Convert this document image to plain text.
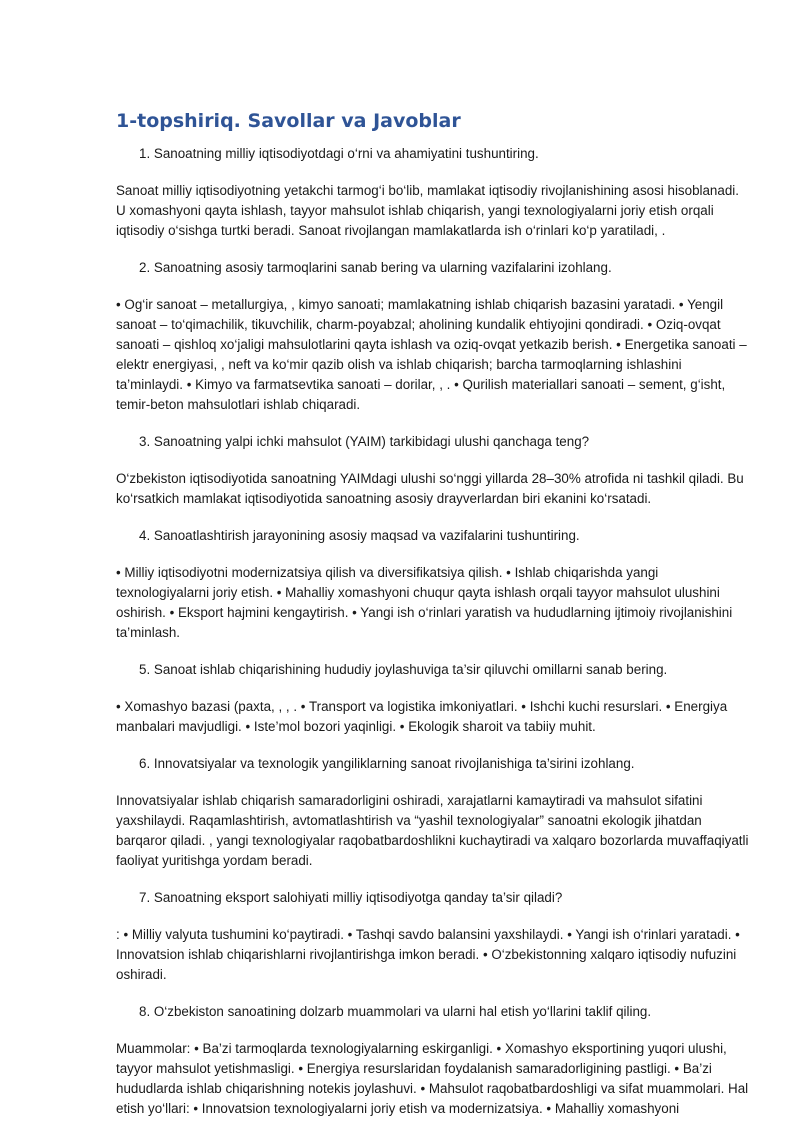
1-topshiriq. Savollar va Javoblar

1. Sanoatning milliy iqtisodiyotdagi o‘rni va ahamiyatini tushuntiring.

Sanoat milliy iqtisodiyotning yetakchi tarmog‘i bo‘lib, mamlakat iqtisodiy rivojlanishining asosi hisoblanadi. U xomashyoni qayta ishlash, tayyor mahsulot ishlab chiqarish, yangi texnologiyalarni joriy etish orqali iqtisodiy o‘sishga turtki beradi. Sanoat rivojlangan mamlakatlarda ish o‘rinlari ko‘p yaratiladi, .

2. Sanoatning asosiy tarmoqlarini sanab bering va ularning vazifalarini izohlang.

• Og‘ir sanoat – metallurgiya, , kimyo sanoati; mamlakatning ishlab chiqarish bazasini yaratadi. • Yengil sanoat – to‘qimachilik, tikuvchilik, charm-poyabzal; aholining kundalik ehtiyojini qondiradi. • Oziq-ovqat sanoati – qishloq xo‘jaligi mahsulotlarini qayta ishlash va oziq-ovqat yetkazib berish. • Energetika sanoati – elektr energiyasi, , neft va ko‘mir qazib olish va ishlab chiqarish; barcha tarmoqlarning ishlashini ta’minlaydi. • Kimyo va farmatsevtika sanoati – dorilar, , . • Qurilish materiallari sanoati – sement, g‘isht, temir-beton mahsulotlari ishlab chiqaradi.

3. Sanoatning yalpi ichki mahsulot (YAIM) tarkibidagi ulushi qanchaga teng?

O‘zbekiston iqtisodiyotida sanoatning YAIMdagi ulushi so‘nggi yillarda 28–30% atrofida ni tashkil qiladi. Bu ko‘rsatkich mamlakat iqtisodiyotida sanoatning asosiy drayverlardan biri ekanini ko‘rsatadi.

4. Sanoatlashtirish jarayonining asosiy maqsad va vazifalarini tushuntiring.

• Milliy iqtisodiyotni modernizatsiya qilish va diversifikatsiya qilish. • Ishlab chiqarishda yangi texnologiyalarni joriy etish. • Mahalliy xomashyoni chuqur qayta ishlash orqali tayyor mahsulot ulushini oshirish. • Eksport hajmini kengaytirish. • Yangi ish o‘rinlari yaratish va hududlarning ijtimoiy rivojlanishini ta’minlash.

5. Sanoat ishlab chiqarishining hududiy joylashuviga ta’sir qiluvchi omillarni sanab bering.

• Xomashyo bazasi (paxta, , , . • Transport va logistika imkoniyatlari. • Ishchi kuchi resurslari. • Energiya manbalari mavjudligi. • Iste’mol bozori yaqinligi. • Ekologik sharoit va tabiiy muhit.

6. Innovatsiyalar va texnologik yangiliklarning sanoat rivojlanishiga ta’sirini izohlang.

Innovatsiyalar ishlab chiqarish samaradorligini oshiradi, xarajatlarni kamaytiradi va mahsulot sifatini yaxshilaydi. Raqamlashtirish, avtomatlashtirish va “yashil texnologiyalar” sanoatni ekologik jihatdan barqaror qiladi. , yangi texnologiyalar raqobatbardoshlikni kuchaytiradi va xalqaro bozorlarda muvaffaqiyatli faoliyat yuritishga yordam beradi.

7. Sanoatning eksport salohiyati milliy iqtisodiyotga qanday ta’sir qiladi?

: • Milliy valyuta tushumini ko‘paytiradi. • Tashqi savdo balansini yaxshilaydi. • Yangi ish o‘rinlari yaratadi. • Innovatsion ishlab chiqarishlarni rivojlantirishga imkon beradi. • O‘zbekistonning xalqaro iqtisodiy nufuzini oshiradi.

8. O‘zbekiston sanoatining dolzarb muammolari va ularni hal etish yo‘llarini taklif qiling.

Muammolar: • Ba’zi tarmoqlarda texnologiyalarning eskirganligi. • Xomashyo eksportining yuqori ulushi, tayyor mahsulot yetishmasligi. • Energiya resurslaridan foydalanish samaradorligining pastligi. • Ba’zi hududlarda ishlab chiqarishning notekis joylashuvi. • Mahsulot raqobatbardoshligi va sifat muammolari. Hal etish yo‘llari: • Innovatsion texnologiyalarni joriy etish va modernizatsiya. • Mahalliy xomashyoni
